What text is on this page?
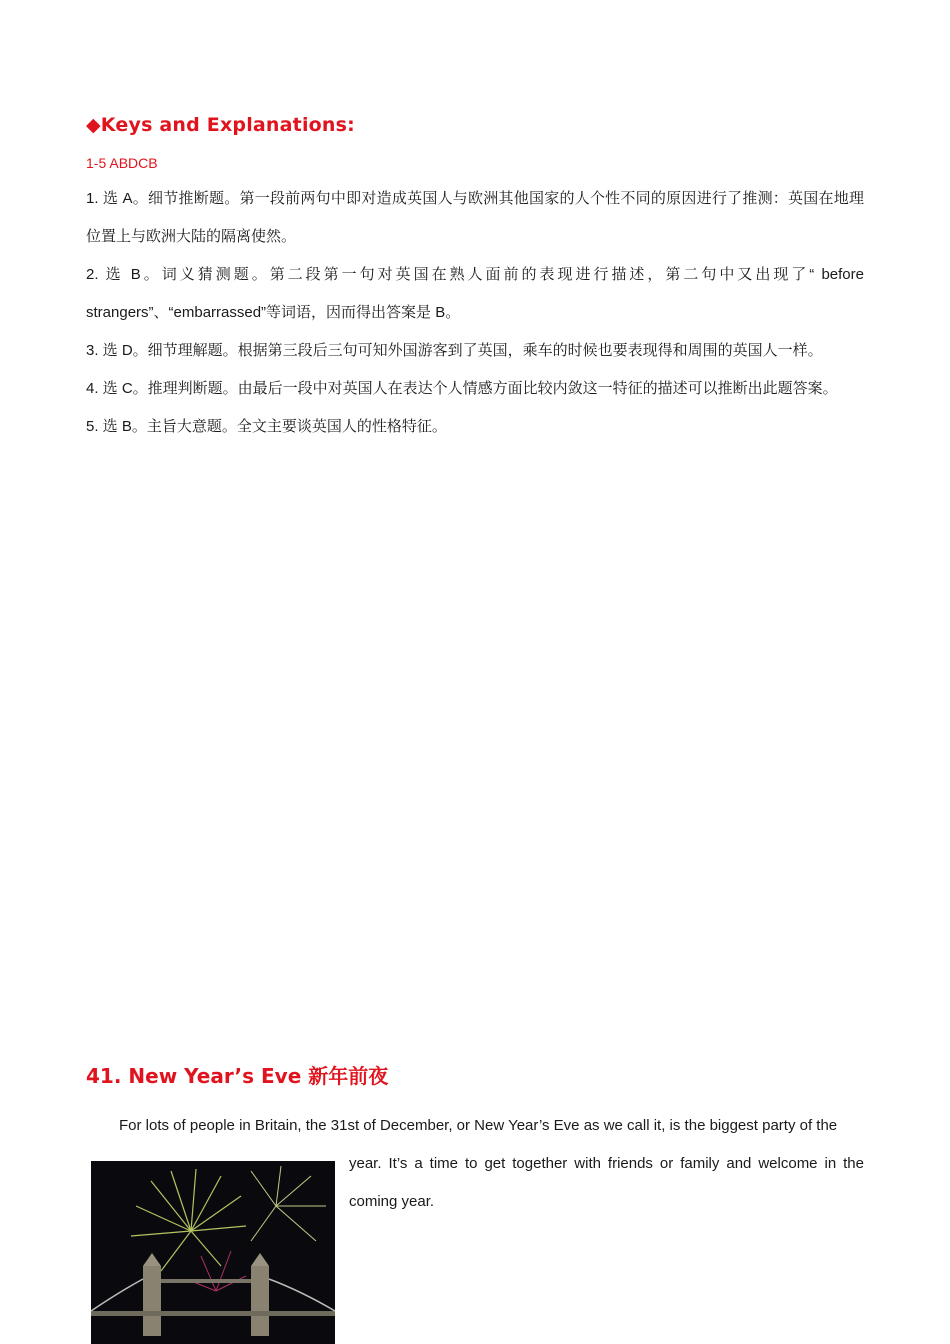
◆Keys and Explanations:
1-5 ABDCB

1. 选 A。细节推断题。第一段前两句中即对造成英国人与欧洲其他国家的人个性不同的原因进行了推测：英国在地理位置上与欧洲大陆的隔离使然。

2. 选 B。词义猜测题。第二段第一句对英国在熟人面前的表现进行描述，第二句中又出现了“ before strangers”、“embarrassed”等词语，因而得出答案是 B。

3. 选 D。细节理解题。根据第三段后三句可知外国游客到了英国，乘车的时候也要表现得和周围的英国人一样。

4. 选 C。推理判断题。由最后一段中对英国人在表达个人情感方面比较内敛这一特征的描述可以推断出此题答案。

5. 选 B。主旨大意题。全文主要谈英国人的性格特征。

41. New Year’s Eve 新年前夜
For lots of people in Britain, the 31st of December, or New Year’s Eve as we call it, is the biggest party of the
year. It’s a time to get together with friends or family and welcome in the coming year.
